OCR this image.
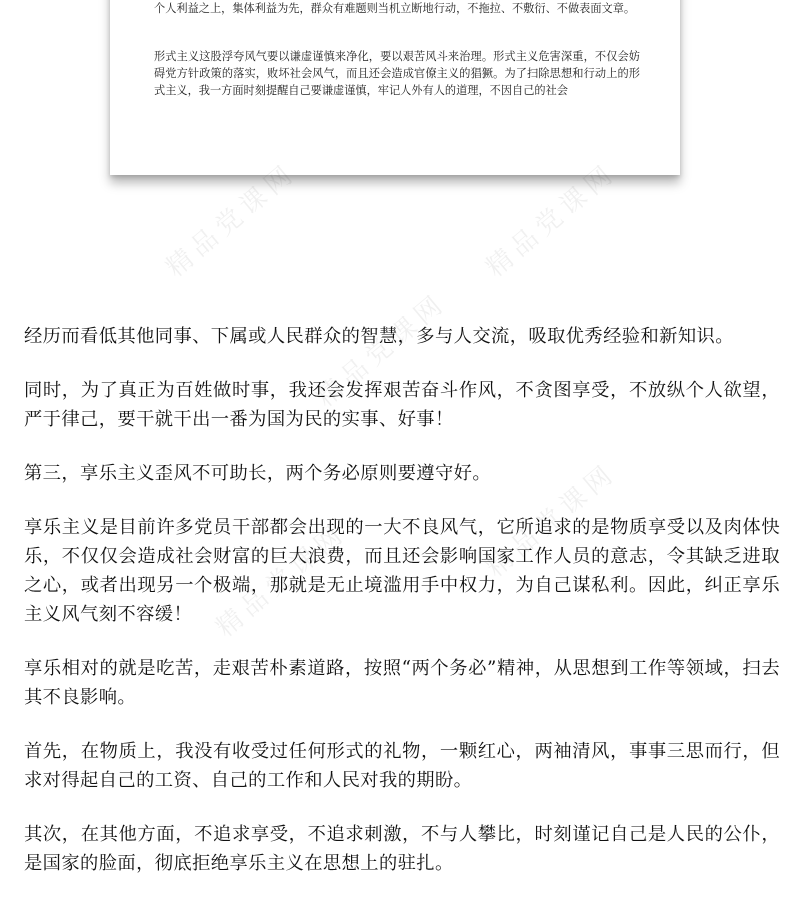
个人利益之上，集体利益为先，群众有难题则当机立断地行动，不拖拉、不敷衍、不做表面文章。

形式主义这股浮夸风气要以谦虚谨慎来净化，要以艰苦风斗来治理。形式主义危害深重，不仅会妨碍党方针政策的落实，败坏社会风气，而且还会造成官僚主义的猖獗。为了扫除思想和行动上的形式主义，我一方面时刻提醒自己要谦虚谨慎，牢记人外有人的道理，不因自己的社会

精品党课网	精品党课网
精品党课网
精品党课网
精品党课网

经历而看低其他同事、下属或人民群众的智慧，多与人交流，吸取优秀经验和新知识。

同时，为了真正为百姓做时事，我还会发挥艰苦奋斗作风，不贪图享受，不放纵个人欲望，严于律己，要干就干出一番为国为民的实事、好事！

第三，享乐主义歪风不可助长，两个务必原则要遵守好。

享乐主义是目前许多党员干部都会出现的一大不良风气，它所追求的是物质享受以及肉体快乐，不仅仅会造成社会财富的巨大浪费，而且还会影响国家工作人员的意志，令其缺乏进取之心，或者出现另一个极端，那就是无止境滥用手中权力，为自己谋私利。因此，纠正享乐主义风气刻不容缓！

享乐相对的就是吃苦，走艰苦朴素道路，按照“两个务必”精神，从思想到工作等领域，扫去其不良影响。

首先，在物质上，我没有收受过任何形式的礼物，一颗红心，两袖清风，事事三思而行，但求对得起自己的工资、自己的工作和人民对我的期盼。

其次，在其他方面，不追求享受，不追求刺激，不与人攀比，时刻谨记自己是人民的公仆，是国家的脸面，彻底拒绝享乐主义在思想上的驻扎。
